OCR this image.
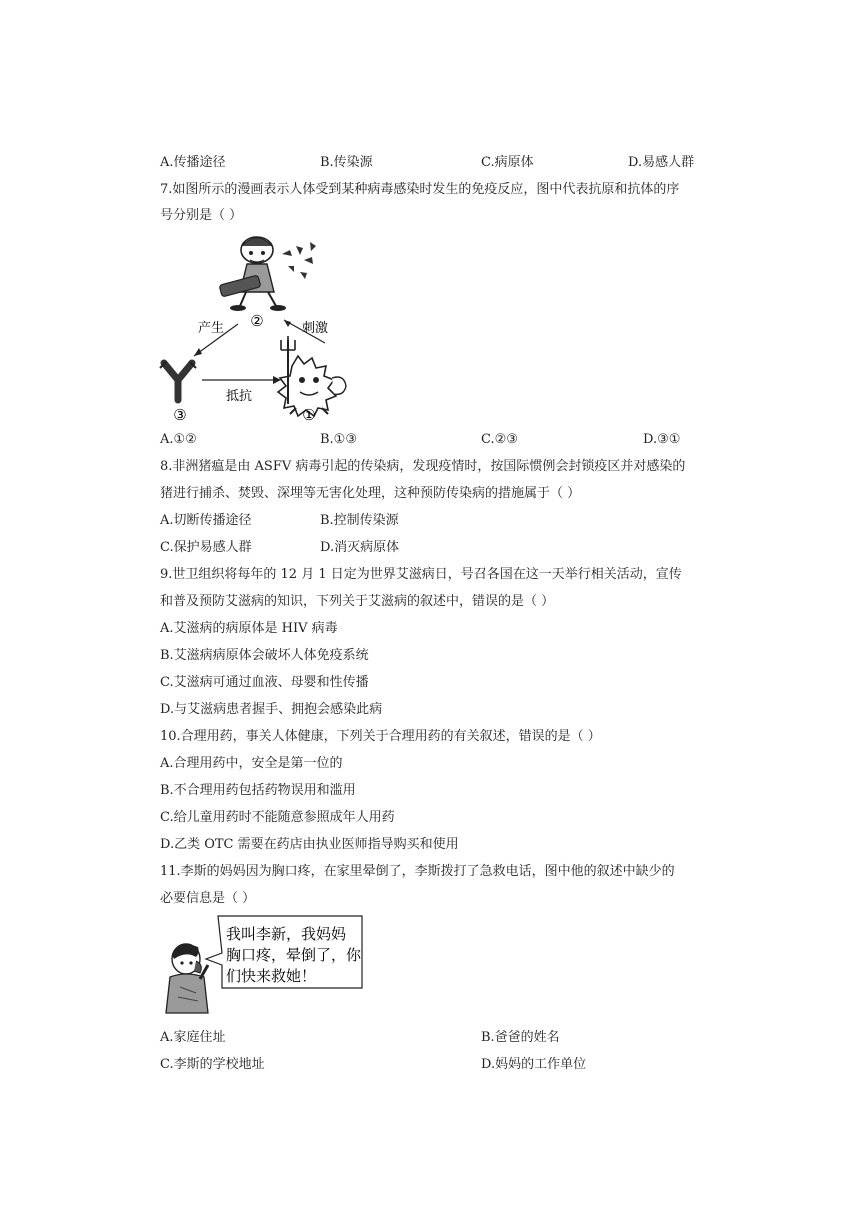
A.传播途径	B.传染源	C.病原体	D.易感人群
7.如图所示的漫画表示人体受到某种病毒感染时发生的免疫反应，图中代表抗原和抗体的序
号分别是（ ）
②
产生	刺激
抵抗
③	①
A.①②	B.①③	C.②③	D.③①
8.非洲猪瘟是由 ASFV 病毒引起的传染病，发现疫情时，按国际惯例会封锁疫区并对感染的
猪进行捕杀、焚毁、深埋等无害化处理，这种预防传染病的措施属于（ ）
A.切断传播途径	B.控制传染源
C.保护易感人群	D.消灭病原体
9.世卫组织将每年的 12 月 1 日定为世界艾滋病日，号召各国在这一天举行相关活动，宣传
和普及预防艾滋病的知识，下列关于艾滋病的叙述中，错误的是（ ）
A.艾滋病的病原体是 HIV 病毒
B.艾滋病病原体会破坏人体免疫系统
C.艾滋病可通过血液、母婴和性传播
D.与艾滋病患者握手、拥抱会感染此病
10.合理用药，事关人体健康，下列关于合理用药的有关叙述，错误的是（ ）
A.合理用药中，安全是第一位的
B.不合理用药包括药物误用和滥用
C.给儿童用药时不能随意参照成年人用药
D.乙类 OTC 需要在药店由执业医师指导购买和使用
11.李斯的妈妈因为胸口疼，在家里晕倒了，李斯拨打了急救电话，图中他的叙述中缺少的
必要信息是（ ）
我叫李新，我妈妈
胸口疼，晕倒了，你
们快来救她！
A.家庭住址	B.爸爸的姓名
C.李斯的学校地址	D.妈妈的工作单位
